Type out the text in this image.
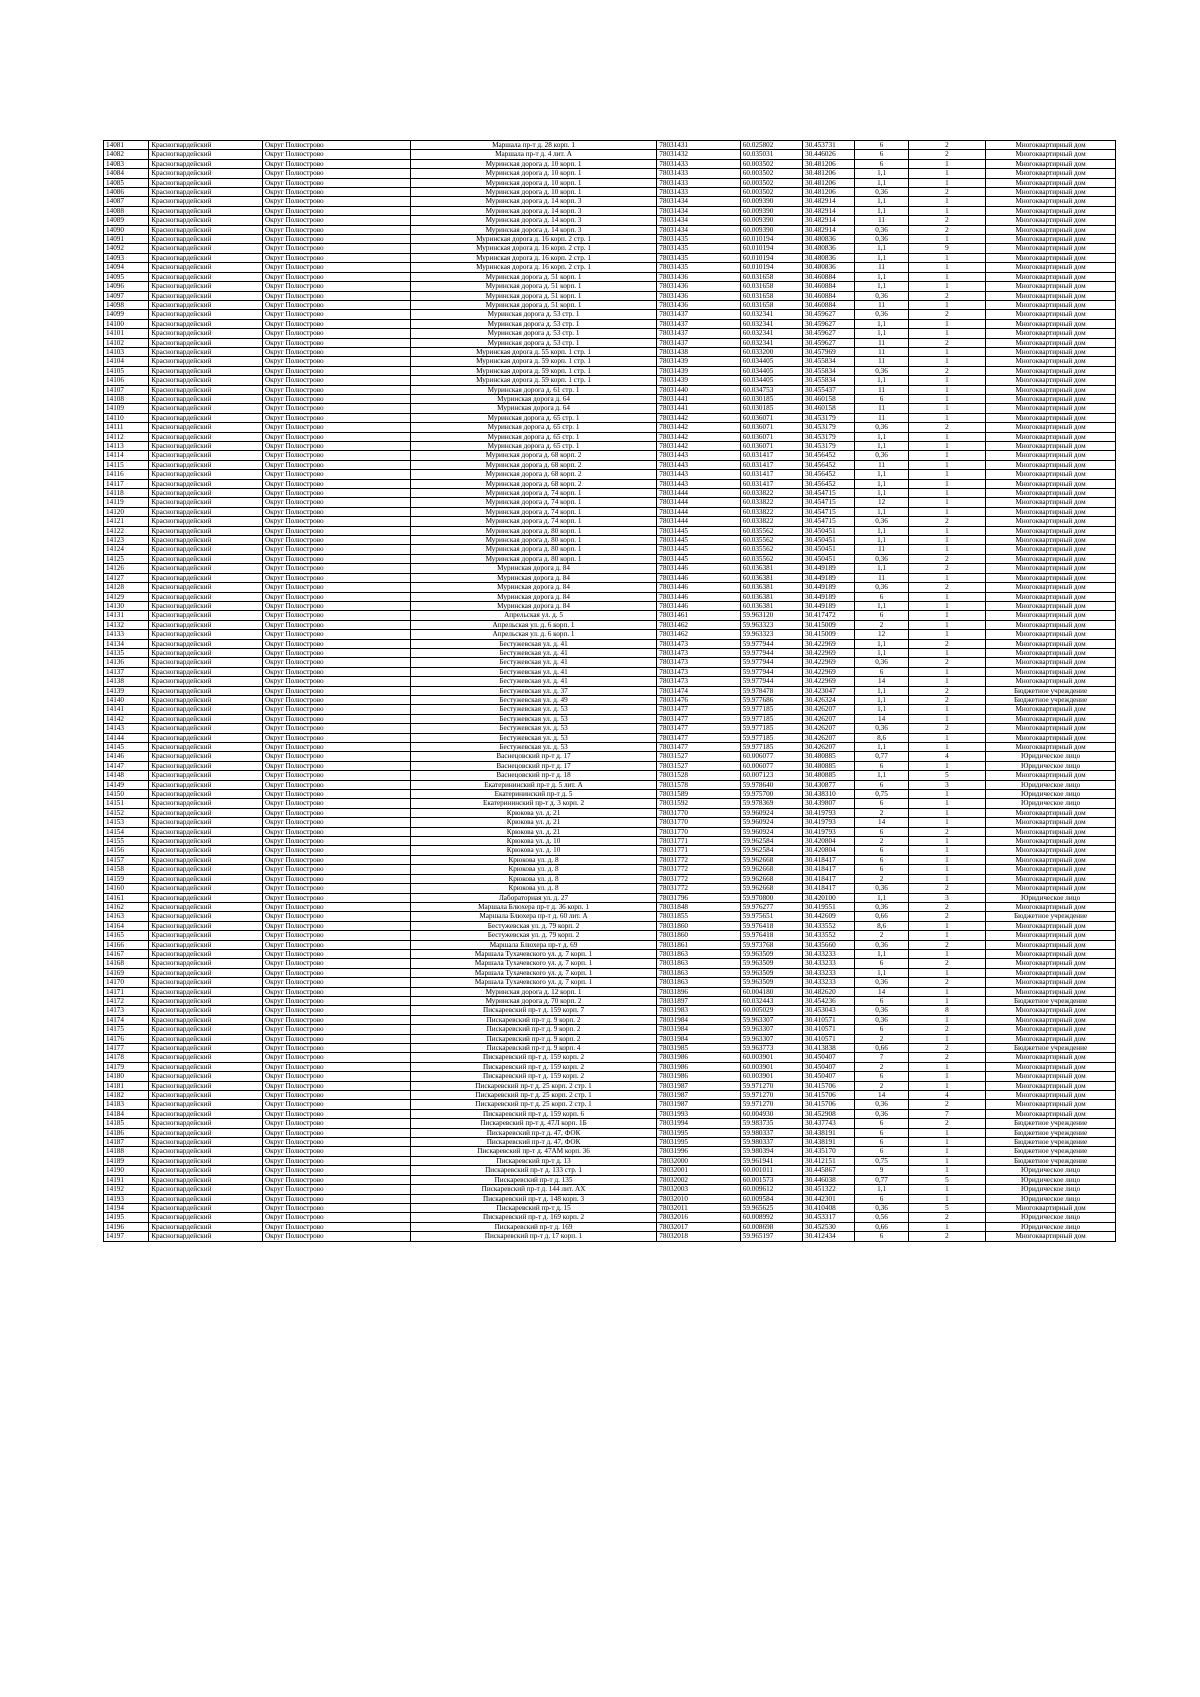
14081	Красногвардейский	Округ Полюстрово	Маршала пр-т д. 28 корп. 1	78031431	60.025802	30.453731	6	2	Многоквартирный дом
14082	Красногвардейский	Округ Полюстрово	Маршала пр-т д. 4 лит. А	78031432	60.035031	30.446026	6	2	Многоквартирный дом
14083	Красногвардейский	Округ Полюстрово	Муринская дорога д. 10 корп. 1	78031433	60.003502	30.481206	6	1	Многоквартирный дом
14084	Красногвардейский	Округ Полюстрово	Муринская дорога д. 10 корп. 1	78031433	60.003502	30.481206	1,1	1	Многоквартирный дом
14085	Красногвардейский	Округ Полюстрово	Муринская дорога д. 10 корп. 1	78031433	60.003502	30.481206	1,1	1	Многоквартирный дом
14086	Красногвардейский	Округ Полюстрово	Муринская дорога д. 10 корп. 1	78031433	60.003502	30.481206	0,36	2	Многоквартирный дом
14087	Красногвардейский	Округ Полюстрово	Муринская дорога д. 14 корп. 3	78031434	60.009390	30.482914	1,1	1	Многоквартирный дом
14088	Красногвардейский	Округ Полюстрово	Муринская дорога д. 14 корп. 3	78031434	60.009390	30.482914	1,1	1	Многоквартирный дом
14089	Красногвардейский	Округ Полюстрово	Муринская дорога д. 14 корп. 3	78031434	60.009390	30.482914	11	2	Многоквартирный дом
14090	Красногвардейский	Округ Полюстрово	Муринская дорога д. 14 корп. 3	78031434	60.009390	30.482914	0,36	2	Многоквартирный дом
14091	Красногвардейский	Округ Полюстрово	Муринская дорога д. 16 корп. 2 стр. 1	78031435	60.010194	30.480836	0,36	1	Многоквартирный дом
14092	Красногвардейский	Округ Полюстрово	Муринская дорога д. 16 корп. 2 стр. 1	78031435	60.010194	30.480836	1,1	9	Многоквартирный дом
14093	Красногвардейский	Округ Полюстрово	Муринская дорога д. 16 корп. 2 стр. 1	78031435	60.010194	30.480836	1,1	1	Многоквартирный дом
14094	Красногвардейский	Округ Полюстрово	Муринская дорога д. 16 корп. 2 стр. 1	78031435	60.010194	30.480836	11	1	Многоквартирный дом
14095	Красногвардейский	Округ Полюстрово	Муринская дорога д. 51 корп. 1	78031436	60.031658	30.460884	1,1	1	Многоквартирный дом
14096	Красногвардейский	Округ Полюстрово	Муринская дорога д. 51 корп. 1	78031436	60.031658	30.460884	1,1	1	Многоквартирный дом
14097	Красногвардейский	Округ Полюстрово	Муринская дорога д. 51 корп. 1	78031436	60.031658	30.460884	0,36	2	Многоквартирный дом
14098	Красногвардейский	Округ Полюстрово	Муринская дорога д. 51 корп. 1	78031436	60.031658	30.460884	11	1	Многоквартирный дом
14099	Красногвардейский	Округ Полюстрово	Муринская дорога д. 53 стр. 1	78031437	60.032341	30.459627	0,36	2	Многоквартирный дом
14100	Красногвардейский	Округ Полюстрово	Муринская дорога д. 53 стр. 1	78031437	60.032341	30.459627	1,1	1	Многоквартирный дом
14101	Красногвардейский	Округ Полюстрово	Муринская дорога д. 53 стр. 1	78031437	60.032341	30.459627	1,1	1	Многоквартирный дом
14102	Красногвардейский	Округ Полюстрово	Муринская дорога д. 53 стр. 1	78031437	60.032341	30.459627	11	2	Многоквартирный дом
14103	Красногвардейский	Округ Полюстрово	Муринская дорога д. 55 корп. 1 стр. 1	78031438	60.033200	30.457969	11	1	Многоквартирный дом
14104	Красногвардейский	Округ Полюстрово	Муринская дорога д. 59 корп. 1 стр. 1	78031439	60.034405	30.455834	11	1	Многоквартирный дом
14105	Красногвардейский	Округ Полюстрово	Муринская дорога д. 59 корп. 1 стр. 1	78031439	60.034405	30.455834	0,36	2	Многоквартирный дом
14106	Красногвардейский	Округ Полюстрово	Муринская дорога д. 59 корп. 1 стр. 1	78031439	60.034405	30.455834	1,1	1	Многоквартирный дом
14107	Красногвардейский	Округ Полюстрово	Муринская дорога д. 61 стр. 1	78031440	60.034753	30.455437	11	1	Многоквартирный дом
14108	Красногвардейский	Округ Полюстрово	Муринская дорога д. 64	78031441	60.030185	30.460158	6	1	Многоквартирный дом
14109	Красногвардейский	Округ Полюстрово	Муринская дорога д. 64	78031441	60.030185	30.460158	11	1	Многоквартирный дом
14110	Красногвардейский	Округ Полюстрово	Муринская дорога д. 65 стр. 1	78031442	60.036071	30.453179	11	1	Многоквартирный дом
14111	Красногвардейский	Округ Полюстрово	Муринская дорога д. 65 стр. 1	78031442	60.036071	30.453179	0,36	2	Многоквартирный дом
14112	Красногвардейский	Округ Полюстрово	Муринская дорога д. 65 стр. 1	78031442	60.036071	30.453179	1,1	1	Многоквартирный дом
14113	Красногвардейский	Округ Полюстрово	Муринская дорога д. 65 стр. 1	78031442	60.036071	30.453179	1,1	1	Многоквартирный дом
14114	Красногвардейский	Округ Полюстрово	Муринская дорога д. 68 корп. 2	78031443	60.031417	30.456452	0,36	1	Многоквартирный дом
14115	Красногвардейский	Округ Полюстрово	Муринская дорога д. 68 корп. 2	78031443	60.031417	30.456452	11	1	Многоквартирный дом
14116	Красногвардейский	Округ Полюстрово	Муринская дорога д. 68 корп. 2	78031443	60.031417	30.456452	1,1	1	Многоквартирный дом
14117	Красногвардейский	Округ Полюстрово	Муринская дорога д. 68 корп. 2	78031443	60.031417	30.456452	1,1	1	Многоквартирный дом
14118	Красногвардейский	Округ Полюстрово	Муринская дорога д. 74 корп. 1	78031444	60.033822	30.454715	1,1	1	Многоквартирный дом
14119	Красногвардейский	Округ Полюстрово	Муринская дорога д. 74 корп. 1	78031444	60.033822	30.454715	12	1	Многоквартирный дом
14120	Красногвардейский	Округ Полюстрово	Муринская дорога д. 74 корп. 1	78031444	60.033822	30.454715	1,1	1	Многоквартирный дом
14121	Красногвардейский	Округ Полюстрово	Муринская дорога д. 74 корп. 1	78031444	60.033822	30.454715	0,36	2	Многоквартирный дом
14122	Красногвардейский	Округ Полюстрово	Муринская дорога д. 80 корп. 1	78031445	60.035562	30.450451	1,1	1	Многоквартирный дом
14123	Красногвардейский	Округ Полюстрово	Муринская дорога д. 80 корп. 1	78031445	60.035562	30.450451	1,1	1	Многоквартирный дом
14124	Красногвардейский	Округ Полюстрово	Муринская дорога д. 80 корп. 1	78031445	60.035562	30.450451	11	1	Многоквартирный дом
14125	Красногвардейский	Округ Полюстрово	Муринская дорога д. 80 корп. 1	78031445	60.035562	30.450451	0,36	2	Многоквартирный дом
14126	Красногвардейский	Округ Полюстрово	Муринская дорога д. 84	78031446	60.036381	30.449189	1,1	2	Многоквартирный дом
14127	Красногвардейский	Округ Полюстрово	Муринская дорога д. 84	78031446	60.036381	30.449189	11	1	Многоквартирный дом
14128	Красногвардейский	Округ Полюстрово	Муринская дорога д. 84	78031446	60.036381	30.449189	0,36	2	Многоквартирный дом
14129	Красногвардейский	Округ Полюстрово	Муринская дорога д. 84	78031446	60.036381	30.449189	6	1	Многоквартирный дом
14130	Красногвардейский	Округ Полюстрово	Муринская дорога д. 84	78031446	60.036381	30.449189	1,1	1	Многоквартирный дом
14131	Красногвардейский	Округ Полюстрово	Апрельская ул. д. 5	78031461	59.963120	30.417472	6	1	Многоквартирный дом
14132	Красногвардейский	Округ Полюстрово	Апрельская ул. д. 6 корп. 1	78031462	59.963323	30.415009	2	1	Многоквартирный дом
14133	Красногвардейский	Округ Полюстрово	Апрельская ул. д. 6 корп. 1	78031462	59.963323	30.415009	12	1	Многоквартирный дом
14134	Красногвардейский	Округ Полюстрово	Бестужевская ул. д. 41	78031473	59.977944	30.422969	1,1	2	Многоквартирный дом
14135	Красногвардейский	Округ Полюстрово	Бестужевская ул. д. 41	78031473	59.977944	30.422969	1,1	1	Многоквартирный дом
14136	Красногвардейский	Округ Полюстрово	Бестужевская ул. д. 41	78031473	59.977944	30.422969	0,36	2	Многоквартирный дом
14137	Красногвардейский	Округ Полюстрово	Бестужевская ул. д. 41	78031473	59.977944	30.422969	6	1	Многоквартирный дом
14138	Красногвардейский	Округ Полюстрово	Бестужевская ул. д. 41	78031473	59.977944	30.422969	14	1	Многоквартирный дом
14139	Красногвардейский	Округ Полюстрово	Бестужевская ул. д. 37	78031474	59.978478	30.423047	1,1	2	Бюджетное учреждение
14140	Красногвардейский	Округ Полюстрово	Бестужевская ул. д. 49	78031476	59.977686	30.426324	1,1	2	Бюджетное учреждение
14141	Красногвардейский	Округ Полюстрово	Бестужевская ул. д. 53	78031477	59.977185	30.426207	1,1	1	Многоквартирный дом
14142	Красногвардейский	Округ Полюстрово	Бестужевская ул. д. 53	78031477	59.977185	30.426207	14	1	Многоквартирный дом
14143	Красногвардейский	Округ Полюстрово	Бестужевская ул. д. 53	78031477	59.977185	30.426207	0,36	2	Многоквартирный дом
14144	Красногвардейский	Округ Полюстрово	Бестужевская ул. д. 53	78031477	59.977185	30.426207	8,6	1	Многоквартирный дом
14145	Красногвардейский	Округ Полюстрово	Бестужевская ул. д. 53	78031477	59.977185	30.426207	1,1	1	Многоквартирный дом
14146	Красногвардейский	Округ Полюстрово	Васнецовский пр-т д. 17	78031527	60.006077	30.480885	0,77	4	Юридическое лицо
14147	Красногвардейский	Округ Полюстрово	Васнецовский пр-т д. 17	78031527	60.006077	30.480885	6	1	Юридическое лицо
14148	Красногвардейский	Округ Полюстрово	Васнецовский пр-т д. 18	78031528	60.007123	30.480885	1,1	5	Многоквартирный дом
14149	Красногвардейский	Округ Полюстрово	Екатерининский пр-т д. 5 лит. А	78031578	59.978640	30.430877	6	3	Юридическое лицо
14150	Красногвардейский	Округ Полюстрово	Екатерининский пр-т д. 5	78031589	59.975700	30.438310	0,75	1	Юридическое лицо
14151	Красногвардейский	Округ Полюстрово	Екатерининский пр-т д. 3 корп. 2	78031592	59.978369	30.439807	6	1	Юридическое лицо
14152	Красногвардейский	Округ Полюстрово	Крюкова ул. д. 21	78031770	59.960924	30.419793	2	1	Многоквартирный дом
14153	Красногвардейский	Округ Полюстрово	Крюкова ул. д. 21	78031770	59.960924	30.419793	14	1	Многоквартирный дом
14154	Красногвардейский	Округ Полюстрово	Крюкова ул. д. 21	78031770	59.960924	30.419793	6	2	Многоквартирный дом
14155	Красногвардейский	Округ Полюстрово	Крюкова ул. д. 10	78031771	59.962584	30.420804	2	1	Многоквартирный дом
14156	Красногвардейский	Округ Полюстрово	Крюкова ул. д. 10	78031771	59.962584	30.420804	6	1	Многоквартирный дом
14157	Красногвардейский	Округ Полюстрово	Крюкова ул. д. 8	78031772	59.962668	30.418417	6	1	Многоквартирный дом
14158	Красногвардейский	Округ Полюстрово	Крюкова ул. д. 8	78031772	59.962668	30.418417	6	1	Многоквартирный дом
14159	Красногвардейский	Округ Полюстрово	Крюкова ул. д. 8	78031772	59.962668	30.418417	2	1	Многоквартирный дом
14160	Красногвардейский	Округ Полюстрово	Крюкова ул. д. 8	78031772	59.962668	30.418417	0,36	2	Многоквартирный дом
14161	Красногвардейский	Округ Полюстрово	Лабораторная ул. д. 27	78031796	59.970800	30.420100	1,1	3	Юридическое лицо
14162	Красногвардейский	Округ Полюстрово	Маршала Блюхера пр-т д. 36 корп. 1	78031848	59.976277	30.419551	0,36	2	Многоквартирный дом
14163	Красногвардейский	Округ Полюстрово	Маршала Блюхера пр-т д. 60 лит. А	78031855	59.975651	30.442609	0,66	2	Бюджетное учреждение
14164	Красногвардейский	Округ Полюстрово	Бестужевская ул. д. 79 корп. 2	78031860	59.976418	30.433552	8,6	1	Многоквартирный дом
14165	Красногвардейский	Округ Полюстрово	Бестужевская ул. д. 79 корп. 2	78031860	59.976418	30.433552	2	1	Многоквартирный дом
14166	Красногвардейский	Округ Полюстрово	Маршала Блюхера пр-т д. 69	78031861	59.973768	30.435660	0,36	2	Многоквартирный дом
14167	Красногвардейский	Округ Полюстрово	Маршала Тухачевского ул. д. 7 корп. 1	78031863	59.963509	30.433233	1,1	1	Многоквартирный дом
14168	Красногвардейский	Округ Полюстрово	Маршала Тухачевского ул. д. 7 корп. 1	78031863	59.963509	30.433233	6	2	Многоквартирный дом
14169	Красногвардейский	Округ Полюстрово	Маршала Тухачевского ул. д. 7 корп. 1	78031863	59.963509	30.433233	1,1	1	Многоквартирный дом
14170	Красногвардейский	Округ Полюстрово	Маршала Тухачевского ул. д. 7 корп. 1	78031863	59.963509	30.433233	0,36	2	Многоквартирный дом
14171	Красногвардейский	Округ Полюстрово	Муринская дорога д. 12 корп. 1	78031896	60.004180	30.482620	14	1	Многоквартирный дом
14172	Красногвардейский	Округ Полюстрово	Муринская дорога д. 70 корп. 2	78031897	60.032443	30.454236	6	1	Бюджетное учреждение
14173	Красногвардейский	Округ Полюстрово	Пискаревский пр-т д. 159 корп. 7	78031983	60.005029	30.453043	0,36	8	Многоквартирный дом
14174	Красногвардейский	Округ Полюстрово	Пискаревский пр-т д. 9 корп. 2	78031984	59.963307	30.410571	0,36	1	Многоквартирный дом
14175	Красногвардейский	Округ Полюстрово	Пискаревский пр-т д. 9 корп. 2	78031984	59.963307	30.410571	6	2	Многоквартирный дом
14176	Красногвардейский	Округ Полюстрово	Пискаревский пр-т д. 9 корп. 2	78031984	59.963307	30.410571	2	1	Многоквартирный дом
14177	Красногвардейский	Округ Полюстрово	Пискаревский пр-т д. 9 корп. 4	78031985	59.963773	30.413838	0,66	2	Бюджетное учреждение
14178	Красногвардейский	Округ Полюстрово	Пискаревский пр-т д. 159 корп. 2	78031986	60.003901	30.450407	7	2	Многоквартирный дом
14179	Красногвардейский	Округ Полюстрово	Пискаревский пр-т д. 159 корп. 2	78031986	60.003901	30.450407	2	1	Многоквартирный дом
14180	Красногвардейский	Округ Полюстрово	Пискаревский пр-т д. 159 корп. 2	78031986	60.003901	30.450407	6	1	Многоквартирный дом
14181	Красногвардейский	Округ Полюстрово	Пискаревский пр-т д. 25 корп. 2 стр. 1	78031987	59.971270	30.415706	2	1	Многоквартирный дом
14182	Красногвардейский	Округ Полюстрово	Пискаревский пр-т д. 25 корп. 2 стр. 1	78031987	59.971270	30.415706	14	4	Многоквартирный дом
14183	Красногвардейский	Округ Полюстрово	Пискаревский пр-т д. 25 корп. 2 стр. 1	78031987	59.971270	30.415706	0,36	2	Многоквартирный дом
14184	Красногвардейский	Округ Полюстрово	Пискаревский пр-т д. 159 корп. 6	78031993	60.004930	30.452908	0,36	7	Многоквартирный дом
14185	Красногвардейский	Округ Полюстрово	Пискаревский пр-т д. 47Л корп. 1Б	78031994	59.983735	30.437743	6	2	Бюджетное учреждение
14186	Красногвардейский	Округ Полюстрово	Пискаревский пр-т д. 47, ФОК	78031995	59.980337	30.438191	6	1	Бюджетное учреждение
14187	Красногвардейский	Округ Полюстрово	Пискаревский пр-т д. 47, ФОК	78031995	59.980337	30.438191	6	1	Бюджетное учреждение
14188	Красногвардейский	Округ Полюстрово	Пискаревский пр-т д. 47АМ корп. 36	78031996	59.980394	30.435170	6	1	Бюджетное учреждение
14189	Красногвардейский	Округ Полюстрово	Пискаревский пр-т д. 13	78032000	59.961941	30.412151	0,75	1	Бюджетное учреждение
14190	Красногвардейский	Округ Полюстрово	Пискаревский пр-т д. 133 стр. 1	78032001	60.001011	30.445867	9	1	Юридическое лицо
14191	Красногвардейский	Округ Полюстрово	Пискаревский пр-т д. 135	78032002	60.001573	30.446038	0,77	5	Юридическое лицо
14192	Красногвардейский	Округ Полюстрово	Пискаревский пр-т д. 144 лит. АХ	78032003	60.009612	30.451322	1,1	1	Юридическое лицо
14193	Красногвардейский	Округ Полюстрово	Пискаревский пр-т д. 148 корп. 3	78032010	60.009584	30.442301	6	1	Юридическое лицо
14194	Красногвардейский	Округ Полюстрово	Пискаревский пр-т д. 15	78032011	59.965625	30.410408	0,36	5	Многоквартирный дом
14195	Красногвардейский	Округ Полюстрово	Пискаревский пр-т д. 169 корп. 2	78032016	60.008992	30.453317	0,56	2	Юридическое лицо
14196	Красногвардейский	Округ Полюстрово	Пискаревский пр-т д. 169	78032017	60.008698	30.452530	0,66	1	Юридическое лицо
14197	Красногвардейский	Округ Полюстрово	Пискаревский пр-т д. 17 корп. 1	78032018	59.965197	30.412434	6	2	Многоквартирный дом
